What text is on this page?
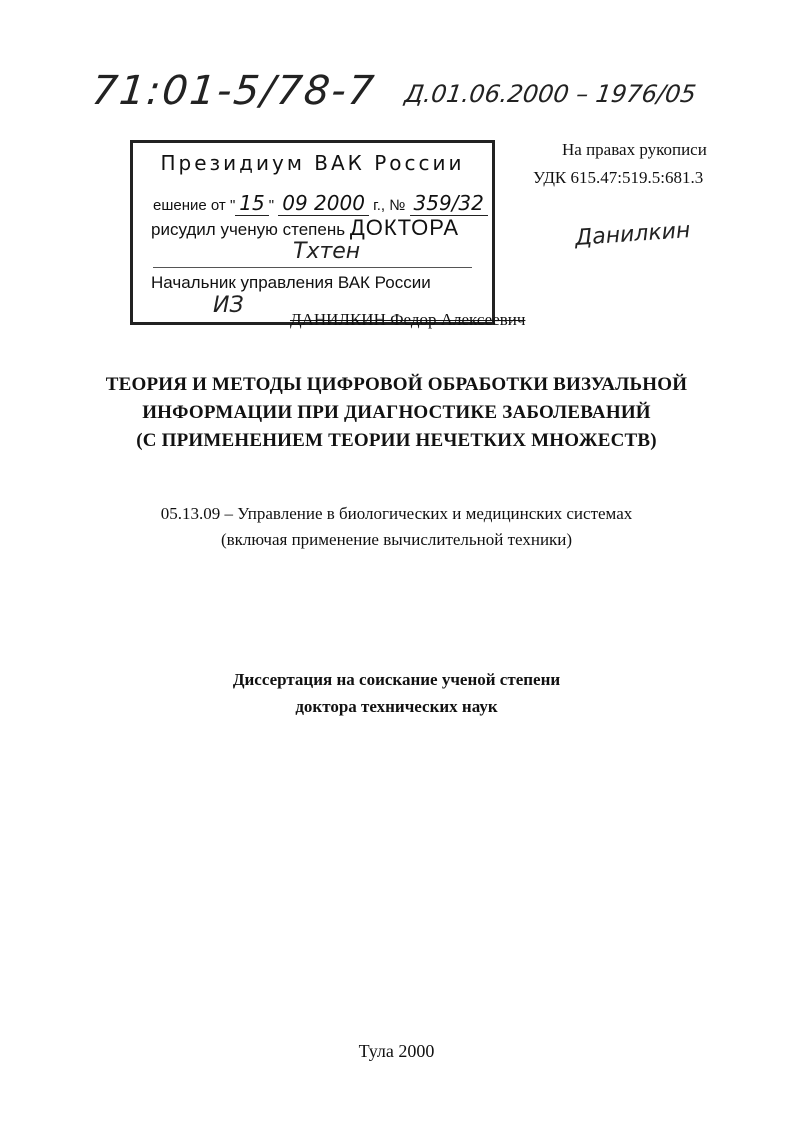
71:01-5/78-7 Д.01.06.2000 – 1976/05
На правах рукописи
УДК 615.47:519.5:681.3
Данилкин
Президиум ВАК России
ешение от " 15 " 09 2000 г., № 359/32
рисудил ученую степень ДОКТОРА
Тхтен
Начальник управления ВАК России
ИЗ
ДАНИЛКИН Федор Алексеевич
ТЕОРИЯ И МЕТОДЫ ЦИФРОВОЙ ОБРАБОТКИ ВИЗУАЛЬНОЙ
ИНФОРМАЦИИ ПРИ ДИАГНОСТИКЕ ЗАБОЛЕВАНИЙ
(С ПРИМЕНЕНИЕМ ТЕОРИИ НЕЧЕТКИХ МНОЖЕСТВ)
05.13.09 – Управление в биологических и медицинских системах
(включая применение вычислительной техники)
Диссертация на соискание ученой степени
доктора технических наук
Тула 2000
